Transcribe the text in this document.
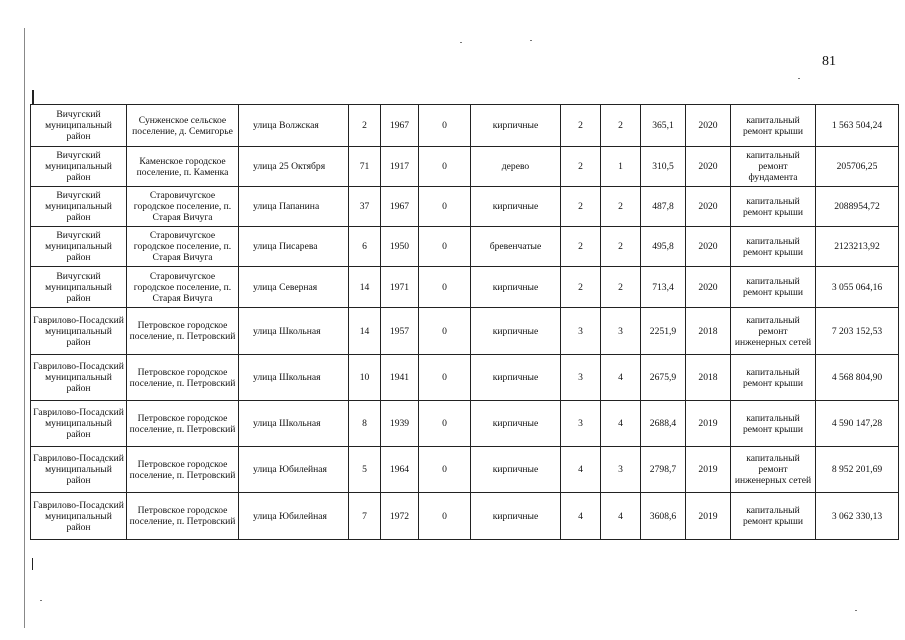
81
Вичугский муниципальный район	Сунженское сельское поселение, д. Семигорье	улица Волжская	2	1967	0	кирпичные	2	2	365,1	2020	капитальный ремонт крыши	1 563 504,24
Вичугский муниципальный район	Каменское городское поселение, п. Каменка	улица 25 Октября	71	1917	0	дерево	2	1	310,5	2020	капитальный ремонт фундамента	205706,25
Вичугский муниципальный район	Старовичугское городское поселение, п. Старая Вичуга	улица Папанина	37	1967	0	кирпичные	2	2	487,8	2020	капитальный ремонт крыши	2088954,72
Вичугский муниципальный район	Старовичугское городское поселение, п. Старая Вичуга	улица Писарева	6	1950	0	бревенчатые	2	2	495,8	2020	капитальный ремонт крыши	2123213,92
Вичугский муниципальный район	Старовичугское городское поселение, п. Старая Вичуга	улица Северная	14	1971	0	кирпичные	2	2	713,4	2020	капитальный ремонт крыши	3 055 064,16
Гаврилово-Посадский муниципальный район	Петровское городское поселение, п. Петровский	улица Школьная	14	1957	0	кирпичные	3	3	2251,9	2018	капитальный ремонт инженерных сетей	7 203 152,53
Гаврилово-Посадский муниципальный район	Петровское городское поселение, п. Петровский	улица Школьная	10	1941	0	кирпичные	3	4	2675,9	2018	капитальный ремонт крыши	4 568 804,90
Гаврилово-Посадский муниципальный район	Петровское городское поселение, п. Петровский	улица Школьная	8	1939	0	кирпичные	3	4	2688,4	2019	капитальный ремонт крыши	4 590 147,28
Гаврилово-Посадский муниципальный район	Петровское городское поселение, п. Петровский	улица Юбилейная	5	1964	0	кирпичные	4	3	2798,7	2019	капитальный ремонт инженерных сетей	8 952 201,69
Гаврилово-Посадский муниципальный район	Петровское городское поселение, п. Петровский	улица Юбилейная	7	1972	0	кирпичные	4	4	3608,6	2019	капитальный ремонт крыши	3 062 330,13
